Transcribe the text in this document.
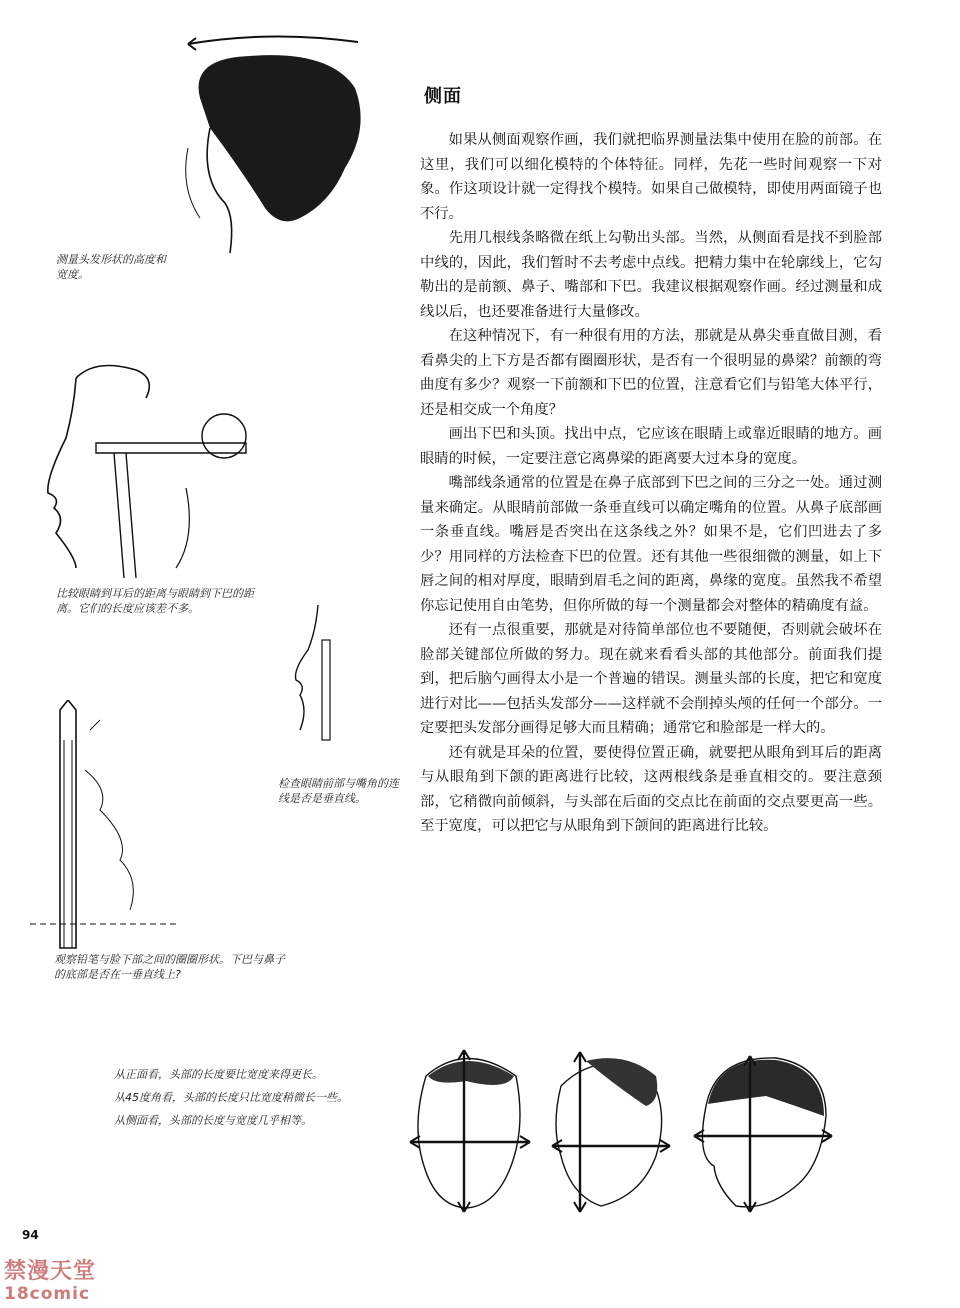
测量头发形状的高度和宽度。
比较眼睛到耳后的距离与眼睛到下巴的距离。它们的长度应该差不多。
检查眼睛前部与嘴角的连线是否是垂直线。
观察铅笔与脸下部之间的圈圈形状。下巴与鼻子的底部是否在一垂直线上?
侧面

如果从侧面观察作画，我们就把临界测量法集中使用在脸的前部。在这里，我们可以细化模特的个体特征。同样，先花一些时间观察一下对象。作这项设计就一定得找个模特。如果自己做模特，即使用两面镜子也不行。

先用几根线条略微在纸上勾勒出头部。当然，从侧面看是找不到脸部中线的，因此，我们暂时不去考虑中点线。把精力集中在轮廓线上，它勾勒出的是前额、鼻子、嘴部和下巴。我建议根据观察作画。经过测量和成线以后，也还要准备进行大量修改。

在这种情况下，有一种很有用的方法，那就是从鼻尖垂直做目测，看看鼻尖的上下方是否都有圈圈形状，是否有一个很明显的鼻梁？前额的弯曲度有多少？观察一下前额和下巴的位置，注意看它们与铅笔大体平行，还是相交成一个角度？

画出下巴和头顶。找出中点，它应该在眼睛上或靠近眼睛的地方。画眼睛的时候，一定要注意它离鼻梁的距离要大过本身的宽度。

嘴部线条通常的位置是在鼻子底部到下巴之间的三分之一处。通过测量来确定。从眼睛前部做一条垂直线可以确定嘴角的位置。从鼻子底部画一条垂直线。嘴唇是否突出在这条线之外？如果不是，它们凹进去了多少？用同样的方法检查下巴的位置。还有其他一些很细微的测量，如上下唇之间的相对厚度，眼睛到眉毛之间的距离，鼻缘的宽度。虽然我不希望你忘记使用自由笔势，但你所做的每一个测量都会对整体的精确度有益。

还有一点很重要，那就是对待简单部位也不要随便，否则就会破坏在脸部关键部位所做的努力。现在就来看看头部的其他部分。前面我们提到，把后脑勺画得太小是一个普遍的错误。测量头部的长度，把它和宽度进行对比——包括头发部分——这样就不会削掉头颅的任何一个部分。一定要把头发部分画得足够大而且精确；通常它和脸部是一样大的。

还有就是耳朵的位置，要使得位置正确，就要把从眼角到耳后的距离与从眼角到下颌的距离进行比较，这两根线条是垂直相交的。要注意颈部，它稍微向前倾斜，与头部在后面的交点比在前面的交点要更高一些。至于宽度，可以把它与从眼角到下颌间的距离进行比较。

从正面看，头部的长度要比宽度来得更长。

从45度角看，头部的长度只比宽度稍微长一些。

从侧面看，头部的长度与宽度几乎相等。

94
禁漫天堂
18comic
